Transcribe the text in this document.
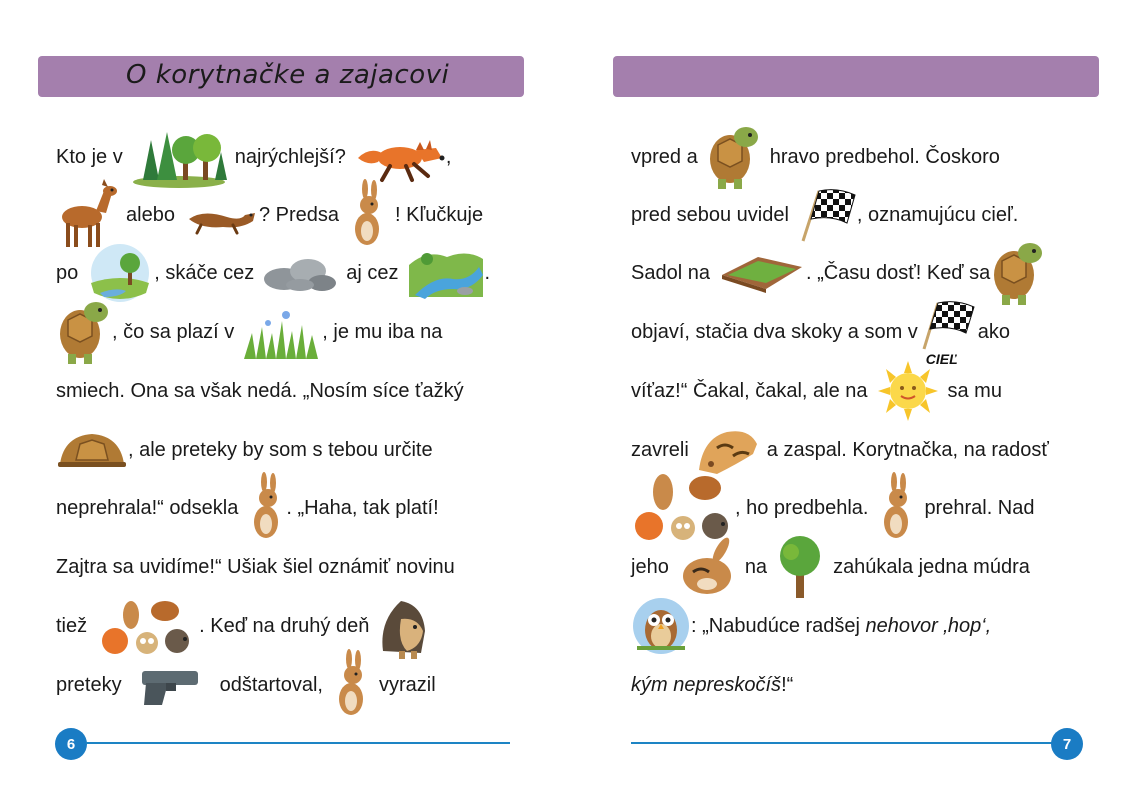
O korytnačke a zajacovi
Kto je v	najrýchlejší?	,
alebo	? Predsa	! Kľučkuje
po	, skáče cez	aj cez	.
, čo sa plazí v	, je mu iba na
smiech. Ona sa však nedá. „Nosím síce ťažký
, ale preteky by som s tebou určite
neprehrala!“ odsekla . „Haha, tak platí!
Zajtra sa uvidíme!“ Ušiak šiel oznámiť novinu
tiež	. Keď na druhý deň
preteky	odštartoval,	vyrazil
6
vpred a	hravo predbehol. Čoskoro
pred sebou uvidel	, oznamujúcu cieľ.
Sadol na	. „Času dosť! Keď sa
objaví, stačia dva skoky a som v
CIEĽ
ako
víťaz!“ Čakal, čakal, ale na	sa mu
zavreli	a zaspal. Korytnačka, na radosť
, ho predbehla.	prehral. Nad
jeho	na	zahúkala jedna múdra
: „Nabudúce radšej nehovor ‚hop‘,
kým nepreskočíš !“
7
